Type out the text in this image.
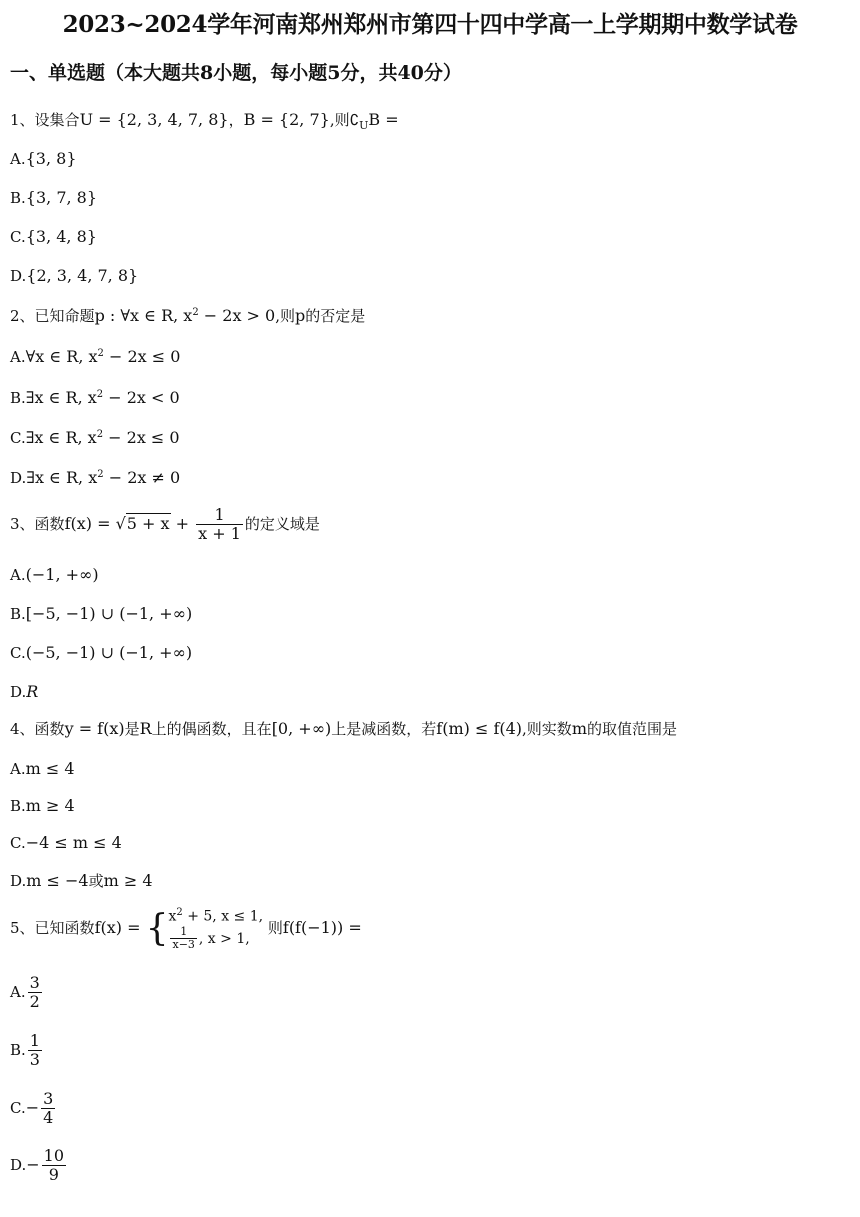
2023~2024学年河南郑州郑州市第四十四中学高一上学期期中数学试卷
一、单选题（本大题共8小题，每小题5分，共40分）
1、设集合U = {2, 3, 4, 7, 8}，B = {2, 7},则$∁_UB$ =
A.{3, 8}
B.{3, 7, 8}
C.{3, 4, 8}
D.{2, 3, 4, 7, 8}
2、已知命题p : ∀x ∈ R, $x^2 - 2x > 0$,则p的否定是
A.∀x ∈ R, $x^2 - 2x \le 0$
B.∃x ∈ R, $x^2 - 2x < 0$
C.∃x ∈ R, $x^2 - 2x \le 0$
D.∃x ∈ R, $x^2 - 2x \ne 0$
3、函数$f(x) = √5 + x + \frac{1}{x + 1}$ 的定义域是
A.(−1, +∞)
B.[−5, −1) ∪ (−1, +∞)
C.(−5, −1) ∪ (−1, +∞)
D.R
4、函数y = f(x)是R上的偶函数，且在[0, +∞)上是减函数，若f(m) ≤ f(4),则实数m的取值范围是
A.m ≤ 4
B.m ≥ 4
C.−4 ≤ m ≤ 4
D.m ≤ −4或m ≥ 4
5、已知函数f(x) = { $x^2 + 5$, x ≤ 1,
$\frac{1}{x-3}$ , x > 1,
则f(f(−1)) =
A. $\frac{3}{2}$
B. $\frac{1}{3}$
$C.- \frac{3}{4}$
$D.- \frac{10}{9}$
